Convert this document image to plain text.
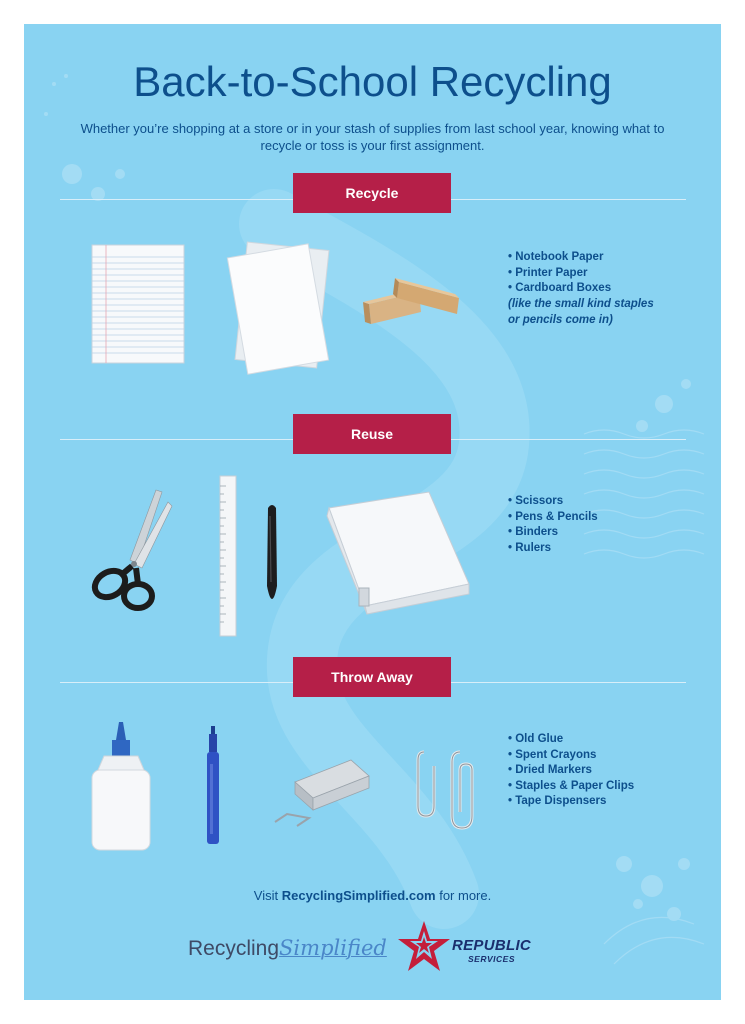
Back-to-School Recycling
Whether you’re shopping at a store or in your stash of supplies from last school year, knowing what to recycle or toss is your first assignment.
Recycle
• Notebook Paper
• Printer Paper
• Cardboard Boxes
(like the small kind staples or pencils come in)
Reuse
• Scissors
• Pens & Pencils
• Binders
• Rulers
Throw Away
• Old Glue
• Spent Crayons
• Dried Markers
• Staples & Paper Clips
• Tape Dispensers
Visit RecyclingSimplified.com for more.
RecyclingSimplified	REPUBLIC
SERVICES
